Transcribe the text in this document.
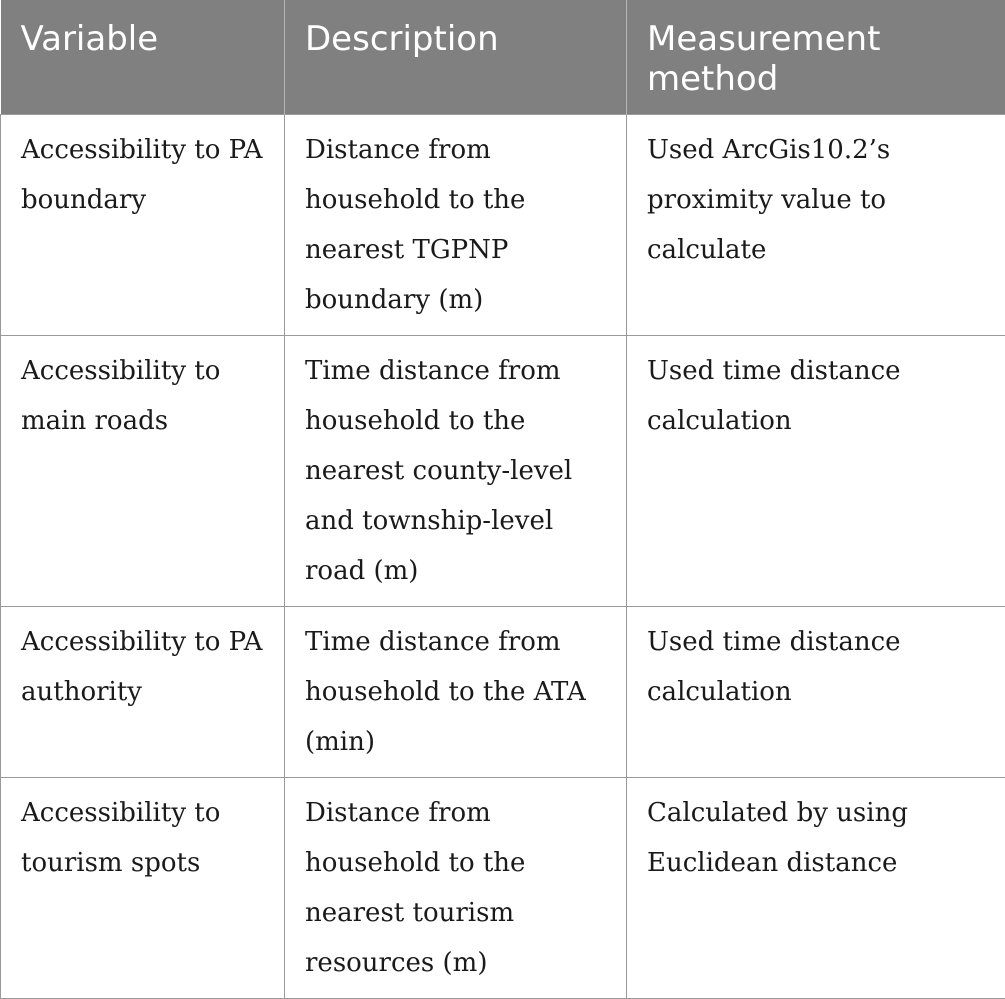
Variable	Description	Measurement method

Accessibility to PA boundary	Distance from household to the nearest TGPNP boundary (m)	Used ArcGis10.2’s proximity value to calculate

Accessibility to main roads	Time distance from household to the nearest county-level and township-level road (m)	Used time distance calculation

Accessibility to PA authority	Time distance from household to the ATA (min)	Used time distance calculation

Accessibility to tourism spots	Distance from household to the nearest tourism resources (m)	Calculated by using Euclidean distance
